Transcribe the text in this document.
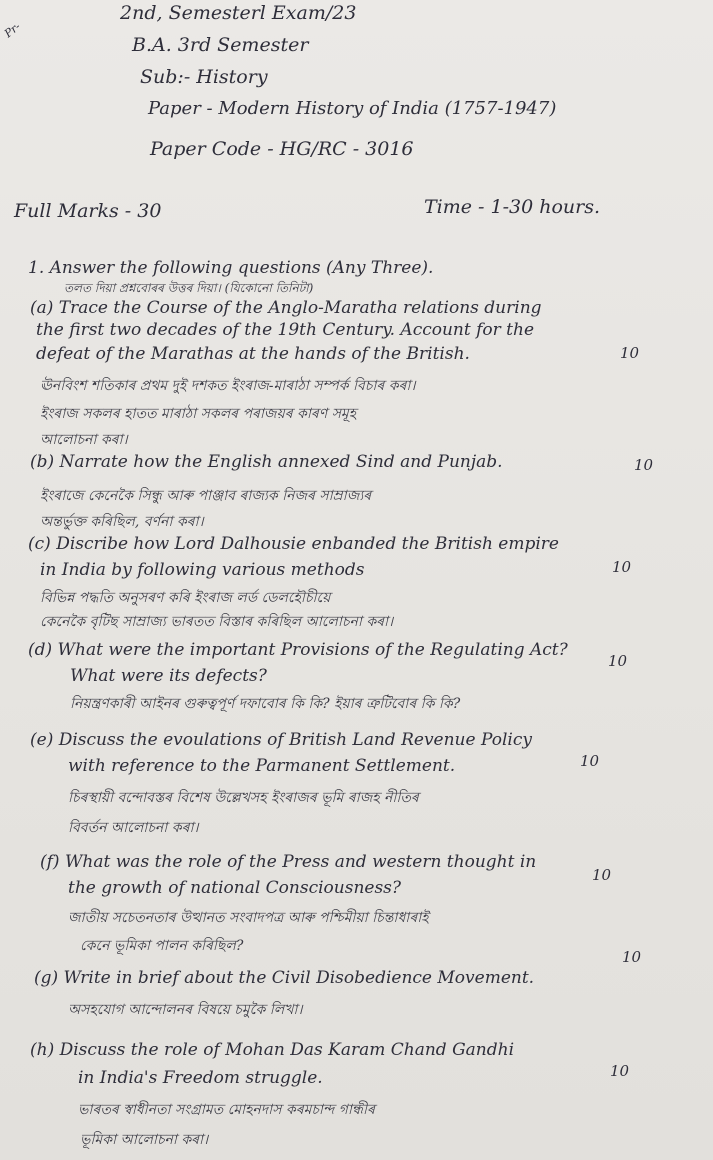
Pr-
2nd, Semesterl Exam/23
B.A. 3rd Semester
Sub:- History
Paper - Modern History of India (1757-1947)
Paper Code - HG/RC - 3016
Full Marks - 30	Time - 1-30 hours.
1. Answer the following questions (Any Three).
তলত দিয়া প্ৰশ্নবোৰৰ উত্তৰ দিয়া। (যিকোনো তিনিটা)
(a) Trace the Course of the Anglo-Maratha relations during
the first two decades of the 19th Century. Account for the
defeat of the Marathas at the hands of the British.	10
ঊনবিংশ শতিকাৰ প্ৰথম দুই দশকত ইংৰাজ-মাৰাঠা সম্পৰ্ক বিচাৰ কৰা।
ইংৰাজ সকলৰ হাতত মাৰাঠা সকলৰ পৰাজয়ৰ কাৰণ সমূহ
আলোচনা কৰা।
(b) Narrate how the English annexed Sind and Punjab.	10
ইংৰাজে কেনেকৈ সিন্ধু আৰু পাঞ্জাব ৰাজ্যক নিজৰ সাম্ৰাজ্যৰ
অন্তৰ্ভুক্ত কৰিছিল, বৰ্ণনা কৰা।
(c) Discribe how Lord Dalhousie enbanded the British empire
in India by following various methods	10
বিভিন্ন পদ্ধতি অনুসৰণ কৰি ইংৰাজ লৰ্ড ডেলহৌচীয়ে
কেনেকৈ বৃটিছ সাম্ৰাজ্য ভাৰতত বিস্তাৰ কৰিছিল আলোচনা কৰা।
(d) What were the important Provisions of the Regulating Act?
10
What were its defects?
নিয়ন্ত্ৰণকাৰী আইনৰ গুৰুত্বপূৰ্ণ দফাবোৰ কি কি? ইয়াৰ ত্ৰুটিবোৰ কি কি?
(e) Discuss the evoulations of British Land Revenue Policy
with reference to the Parmanent Settlement.	10
চিৰস্থায়ী বন্দোবস্তৰ বিশেষ উল্লেখসহ ইংৰাজৰ ভূমি ৰাজহ নীতিৰ
বিবৰ্তন আলোচনা কৰা।
(f) What was the role of the Press and western thought in
the growth of national Consciousness?
10
জাতীয় সচেতনতাৰ উত্থানত সংবাদপত্ৰ আৰু পশ্চিমীয়া চিন্তাধাৰাই
কেনে ভূমিকা পালন কৰিছিল?
(g) Write in brief about the Civil Disobedience Movement.
10
অসহযোগ আন্দোলনৰ বিষয়ে চমুকৈ লিখা।
(h) Discuss the role of Mohan Das Karam Chand Gandhi
in India's Freedom struggle.	10
ভাৰতৰ স্বাধীনতা সংগ্ৰামত মোহনদাস কৰমচান্দ গান্ধীৰ
ভূমিকা আলোচনা কৰা।
